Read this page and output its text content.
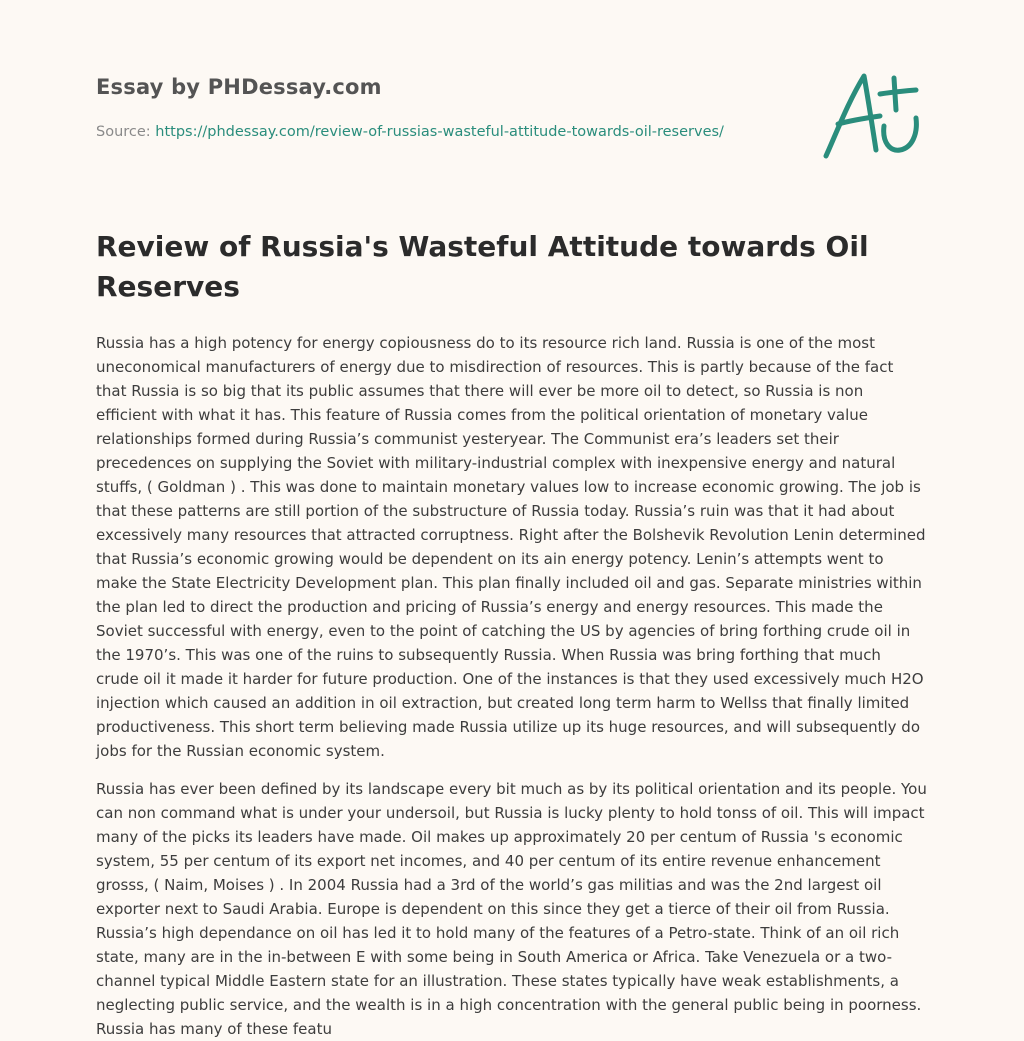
Essay by PHDessay.com
Source: https://phdessay.com/review-of-russias-wasteful-attitude-towards-oil-reserves/
Review of Russia's Wasteful Attitude towards Oil Reserves

Russia has a high potency for energy copiousness do to its resource rich land. Russia is one of the most uneconomical manufacturers of energy due to misdirection of resources. This is partly because of the fact that Russia is so big that its public assumes that there will ever be more oil to detect, so Russia is non efficient with what it has. This feature of Russia comes from the political orientation of monetary value relationships formed during Russia’s communist yesteryear. The Communist era’s leaders set their precedences on supplying the Soviet with military-industrial complex with inexpensive energy and natural stuffs, ( Goldman ) . This was done to maintain monetary values low to increase economic growing. The job is that these patterns are still portion of the substructure of Russia today. Russia’s ruin was that it had about excessively many resources that attracted corruptness. Right after the Bolshevik Revolution Lenin determined that Russia’s economic growing would be dependent on its ain energy potency. Lenin’s attempts went to make the State Electricity Development plan. This plan finally included oil and gas. Separate ministries within the plan led to direct the production and pricing of Russia’s energy and energy resources. This made the Soviet successful with energy, even to the point of catching the US by agencies of bring forthing crude oil in the 1970’s. This was one of the ruins to subsequently Russia. When Russia was bring forthing that much crude oil it made it harder for future production. One of the instances is that they used excessively much H2O injection which caused an addition in oil extraction, but created long term harm to Wellss that finally limited productiveness. This short term believing made Russia utilize up its huge resources, and will subsequently do jobs for the Russian economic system.

Russia has ever been defined by its landscape every bit much as by its political orientation and its people. You can non command what is under your undersoil, but Russia is lucky plenty to hold tonss of oil. This will impact many of the picks its leaders have made. Oil makes up approximately 20 per centum of Russia 's economic system, 55 per centum of its export net incomes, and 40 per centum of its entire revenue enhancement grosss, ( Naim, Moises ) . In 2004 Russia had a 3rd of the world’s gas militias and was the 2nd largest oil exporter next to Saudi Arabia. Europe is dependent on this since they get a tierce of their oil from Russia. Russia’s high dependance on oil has led it to hold many of the features of a Petro-state. Think of an oil rich state, many are in the in-between E with some being in South America or Africa. Take Venezuela or a two-channel typical Middle Eastern state for an illustration. These states typically have weak establishments, a neglecting public service, and the wealth is in a high concentration with the general public being in poorness. Russia has many of these featu
